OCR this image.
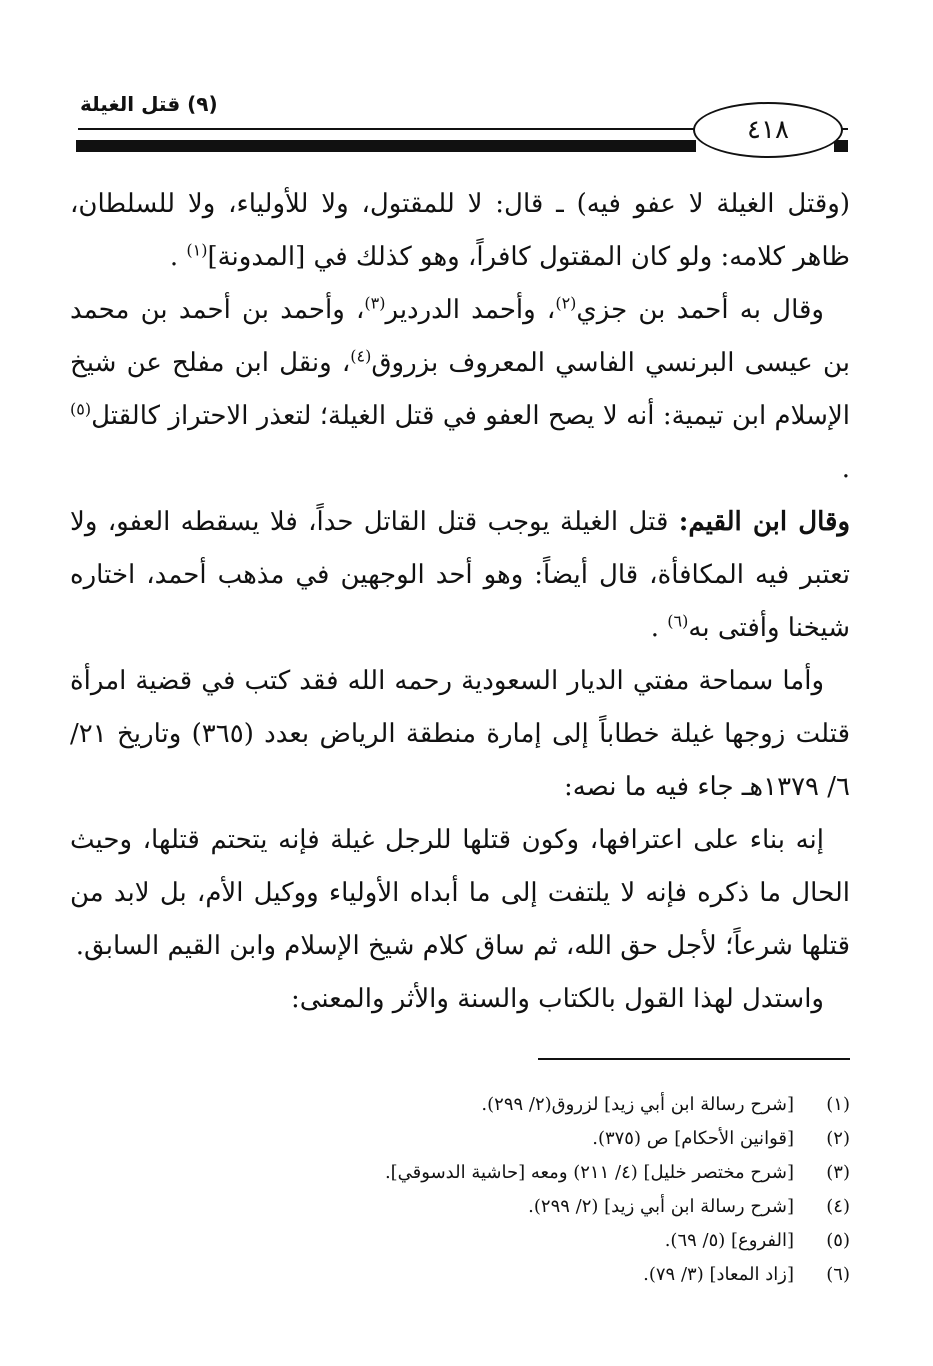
(٩) قتل الغيلة
٤١٨

(وقتل الغيلة لا عفو فيه) ـ قال: لا للمقتول، ولا للأولياء، ولا للسلطان، ظاهر كلامه: ولو كان المقتول كافراً، وهو كذلك في [المدونة]$^{(١)}$ .

وقال به أحمد بن جزي$^{(٢)}$، وأحمد الدردير$^{(٣)}$، وأحمد بن أحمد بن محمد بن عيسى البرنسي الفاسي المعروف بزروق$^{(٤)}$، ونقل ابن مفلح عن شيخ الإسلام ابن تيمية: أنه لا يصح العفو في قتل الغيلة؛ لتعذر الاحتراز كالقتل$^{(٥)}$ .

وقال ابن القيم: قتل الغيلة يوجب قتل القاتل حداً، فلا يسقطه العفو، ولا تعتبر فيه المكافأة، قال أيضاً: وهو أحد الوجهين في مذهب أحمد، اختاره شيخنا وأفتى به$^{(٦)}$ .

وأما سماحة مفتي الديار السعودية رحمه الله فقد كتب في قضية امرأة قتلت زوجها غيلة خطاباً إلى إمارة منطقة الرياض بعدد (٣٦٥) وتاريخ ٢١/ ٦/ ١٣٧٩هـ جاء فيه ما نصه:

إنه بناء على اعترافها، وكون قتلها للرجل غيلة فإنه يتحتم قتلها، وحيث الحال ما ذكره فإنه لا يلتفت إلى ما أبداه الأولياء ووكيل الأم، بل لابد من قتلها شرعاً؛ لأجل حق الله، ثم ساق كلام شيخ الإسلام وابن القيم السابق.

واستدل لهذا القول بالكتاب والسنة والأثر والمعنى:

(١)[شرح رسالة ابن أبي زيد] لزروق(٢/ ٢٩٩).
(٢)[قوانين الأحكام] ص (٣٧٥).
(٣)[شرح مختصر خليل] (٤/ ٢١١) ومعه [حاشية الدسوقي].
(٤)[شرح رسالة ابن أبي زيد] (٢/ ٢٩٩).
(٥)[الفروع] (٥/ ٦٩).
(٦)[زاد المعاد] (٣/ ٧٩).
